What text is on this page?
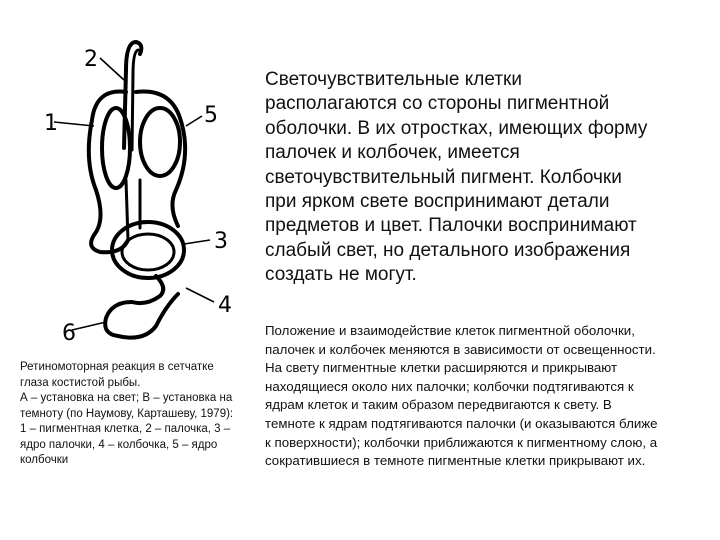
1
2
3
4
5
6

Ретиномоторная реакция в сетчатке

глаза костистой рыбы.

А – установка на свет; В – установка на

темноту (по Наумову, Карташеву, 1979):

1 – пигментная клетка, 2 – палочка, 3 –

ядро палочки, 4 – колбочка, 5 – ядро

колбочки

Светочувствительные клетки
располагаются со стороны пигментной
оболочки. В их отростках, имеющих форму
палочек и колбочек, имеется
светочувствительный пигмент. Колбочки
при ярком свете воспринимают детали
предметов и цвет. Палочки воспринимают
слабый свет, но детального изображения
создать не могут.
Положение и взаимодействие клеток пигментной оболочки,
палочек и колбочек меняются в зависимости от освещенности.
На свету пигментные клетки расширяются и прикрывают
находящиеся около них палочки; колбочки подтягиваются к
ядрам клеток и таким образом передвигаются к свету. В
темноте к ядрам подтягиваются палочки (и оказываются ближе
к поверхности); колбочки приближаются к пигментному слою, а
сократившиеся в темноте пигментные клетки прикрывают их.
